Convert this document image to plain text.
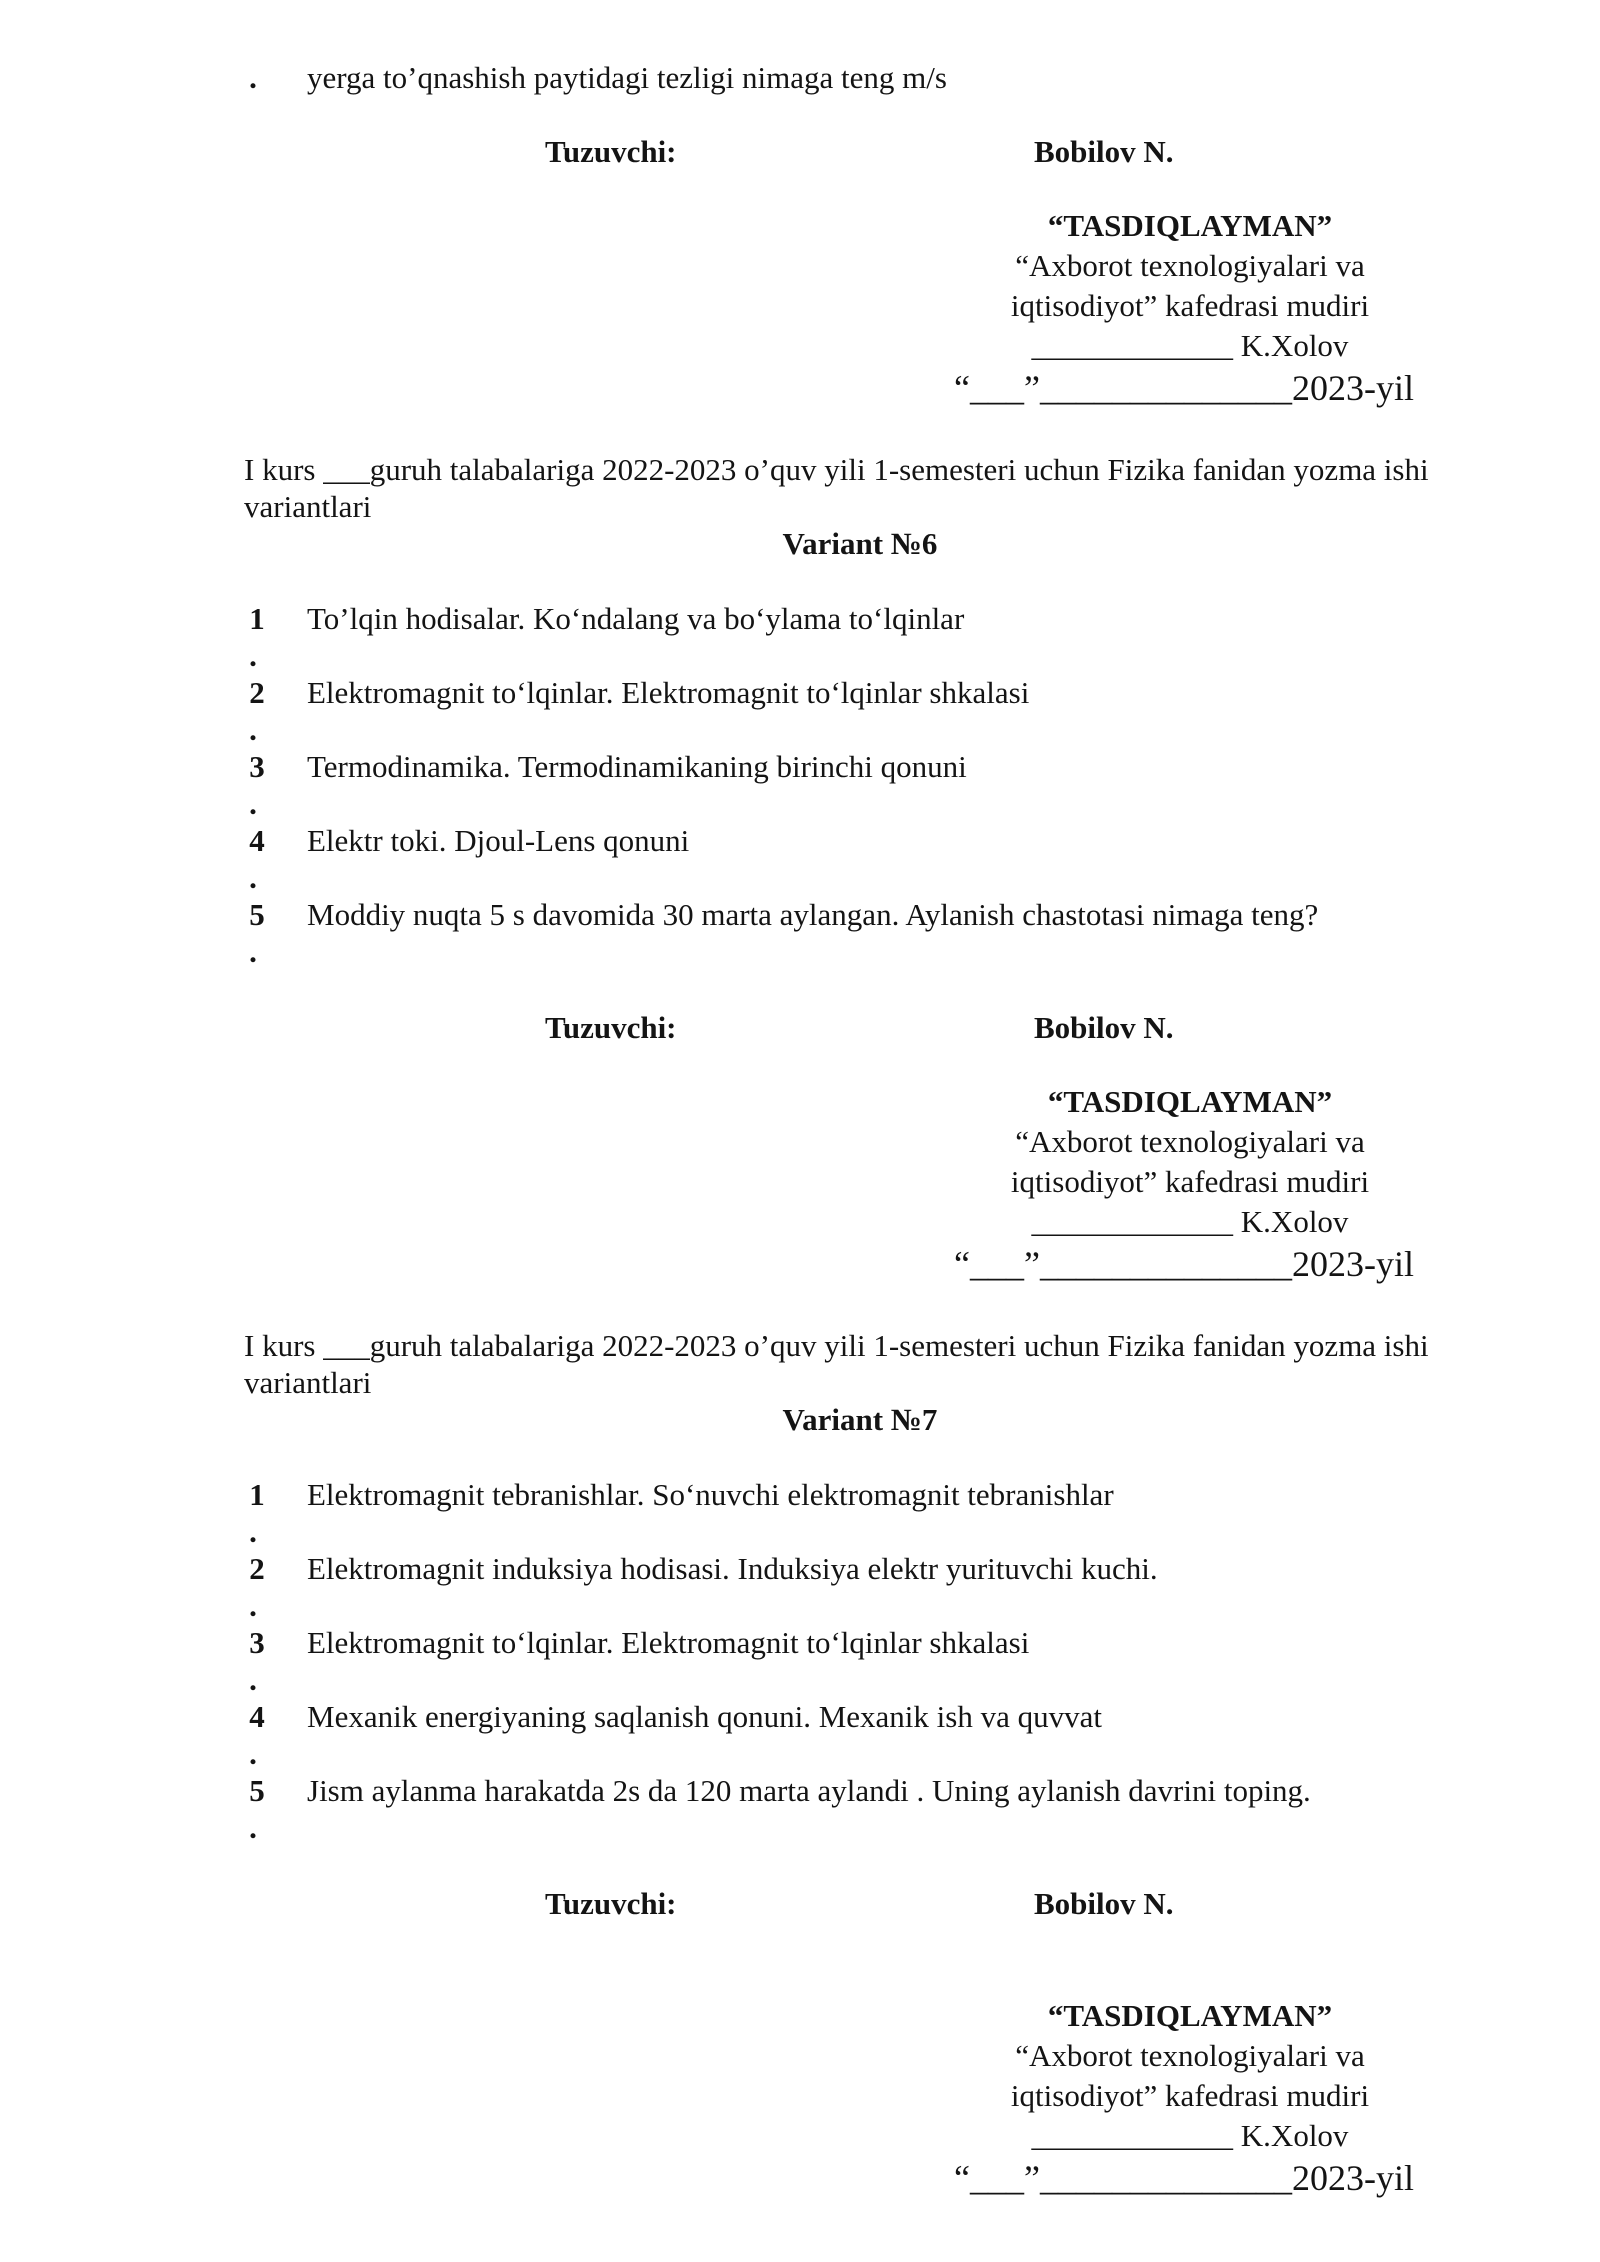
. yerga to’qnashish paytidagi tezligi nimaga teng m/s
Tuzuvchi:	Bobilov N.
“TASDIQLAYMAN”
“Axborot texnologiyalari va
iqtisodiyot” kafedrasi mudiri
_____________ K.Xolov
“___”______________2023-yil
I kurs ___guruh talabalariga 2022-2023 o’quv yili 1-semesteri uchun Fizika fanidan yozma ishi
variantlari
Variant №6
1
.
To’lqin hodisalar. Ko‘ndalang va bo‘ylama to‘lqinlar
2
.
Elektromagnit to‘lqinlar. Elektromagnit to‘lqinlar shkalasi
3
.
Termodinamika. Termodinamikaning birinchi qonuni
4
.
Elektr toki. Djoul-Lens qonuni
5
.
Moddiy nuqta 5 s davomida 30 marta aylangan. Aylanish chastotasi nimaga teng?
Tuzuvchi:	Bobilov N.
“TASDIQLAYMAN”
“Axborot texnologiyalari va
iqtisodiyot” kafedrasi mudiri
_____________ K.Xolov
“___”______________2023-yil
I kurs ___guruh talabalariga 2022-2023 o’quv yili 1-semesteri uchun Fizika fanidan yozma ishi
variantlari
Variant №7
1
.
Elektromagnit tebranishlar. So‘nuvchi elektromagnit tebranishlar
2
.
Elektromagnit induksiya hodisasi. Induksiya elektr yurituvchi kuchi.
3
.
Elektromagnit to‘lqinlar. Elektromagnit to‘lqinlar shkalasi
4
.
Mexanik energiyaning saqlanish qonuni. Mexanik ish va quvvat
5
.
Jism aylanma harakatda 2s da 120 marta aylandi . Uning aylanish davrini toping.
Tuzuvchi:	Bobilov N.
“TASDIQLAYMAN”
“Axborot texnologiyalari va
iqtisodiyot” kafedrasi mudiri
_____________ K.Xolov
“___”______________2023-yil
